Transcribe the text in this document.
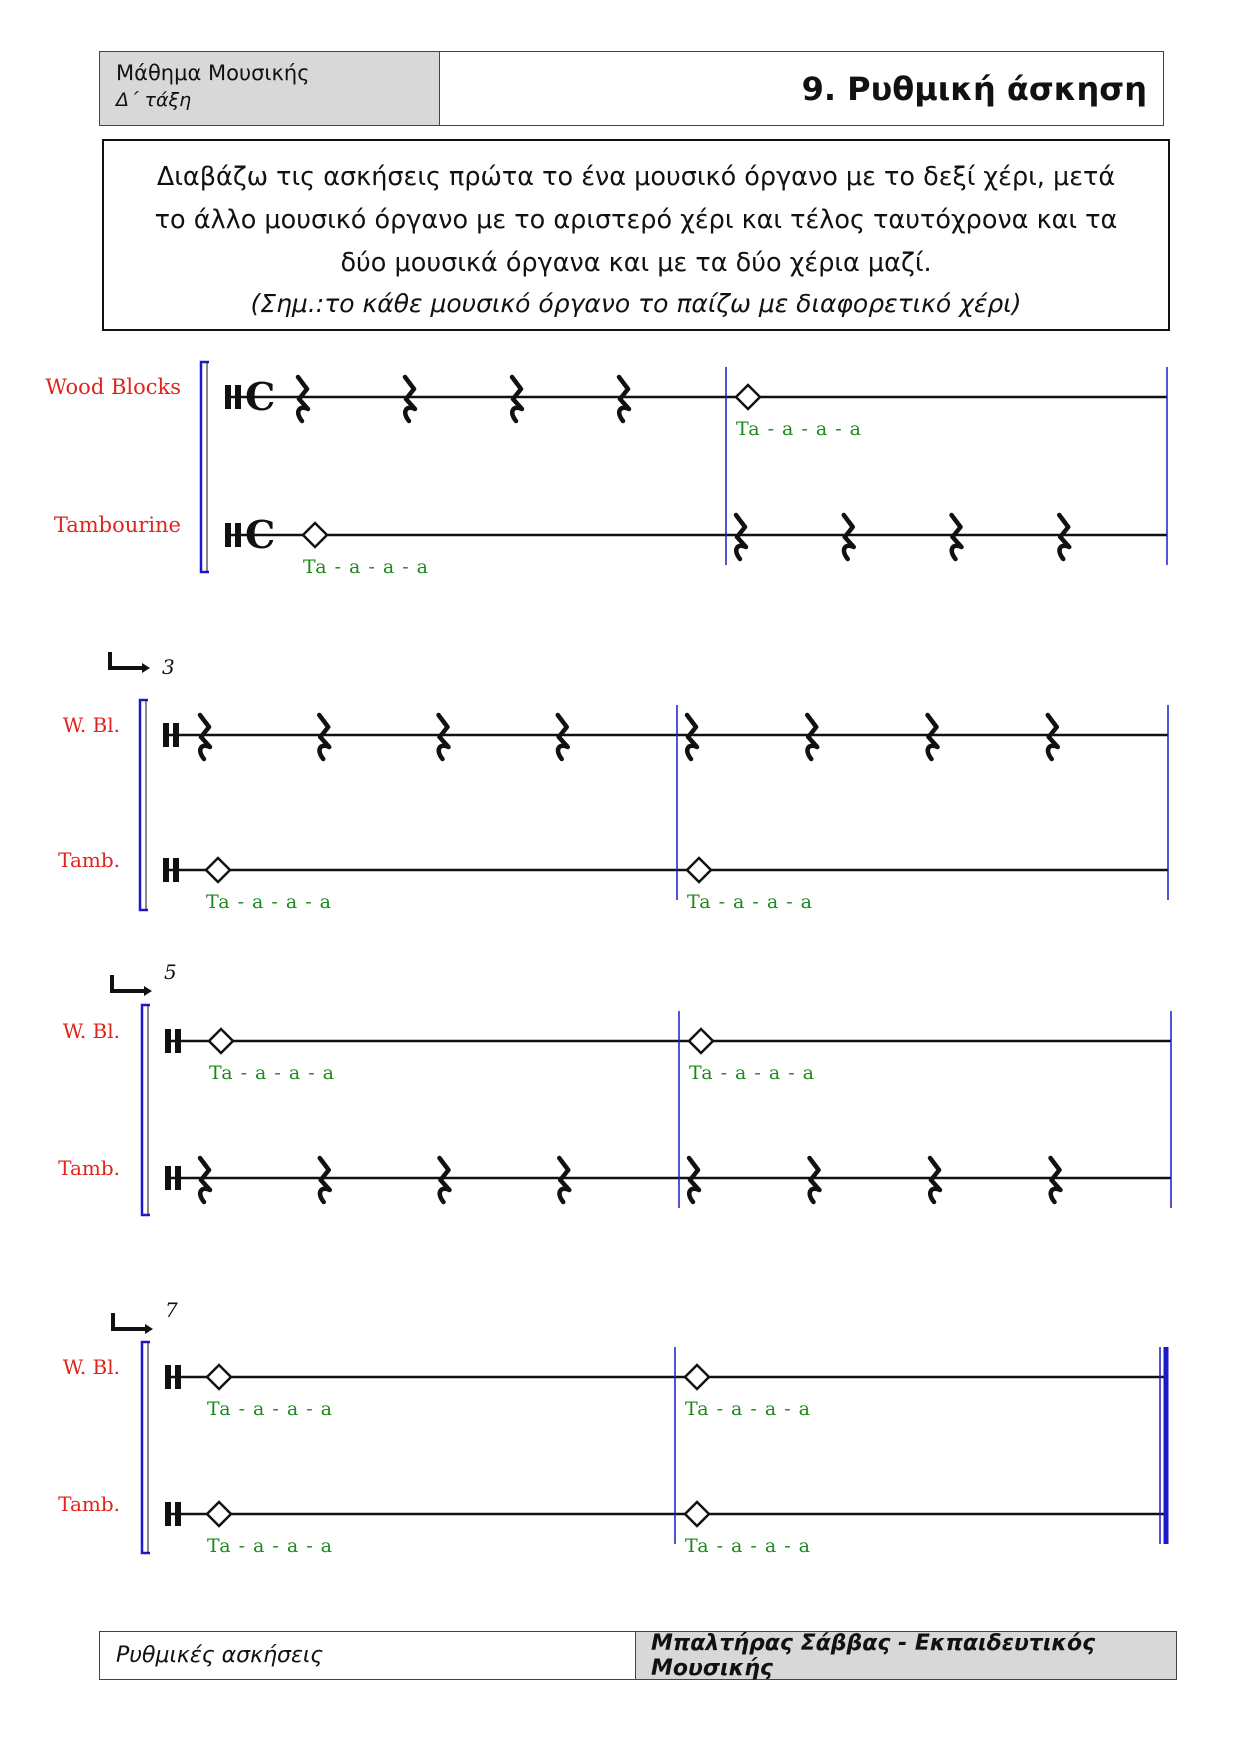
Μάθημα Μουσικής
Δ΄ τάξη	9. Ρυθμική άσκηση

Διαβάζω τις ασκήσεις πρώτα το ένα μουσικό όργανο με το δεξί χέρι, μετά

το άλλο μουσικό όργανο με το αριστερό χέρι και τέλος ταυτόχρονα και τα

δύο μουσικά όργανα και με τα δύο χέρια μαζί.

(Σημ.:το κάθε μουσικό όργανο το παίζω με διαφορετικό χέρι)

Wood Blocks C
Ta - a - a - a
Tambourine C
Ta - a - a - a
3
W. Bl.
Tamb.
Ta - a - a - a	Ta - a - a - a
5
W. Bl.
Ta - a - a - a	Ta - a - a - a
Tamb.
7
W. Bl.
Ta - a - a - a	Ta - a - a - a
Tamb.
Ta - a - a - a	Ta - a - a - a
Ρυθμικές ασκήσεις	Μπαλτήρας Σάββας - Εκπαιδευτικός Μουσικής
